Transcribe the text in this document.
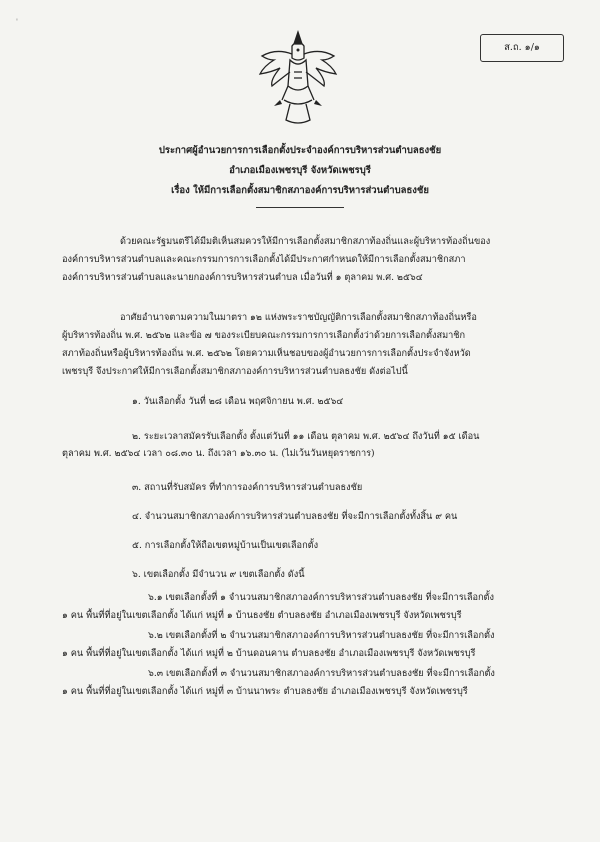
'
ส.ถ. ๑/๑
ประกาศผู้อำนวยการการเลือกตั้งประจำองค์การบริหารส่วนตำบลธงชัย
อำเภอเมืองเพชรบุรี จังหวัดเพชรบุรี
เรื่อง ให้มีการเลือกตั้งสมาชิกสภาองค์การบริหารส่วนตำบลธงชัย

ด้วยคณะรัฐมนตรีได้มีมติเห็นสมควรให้มีการเลือกตั้งสมาชิกสภาท้องถิ่นและผู้บริหารท้องถิ่นของ

องค์การบริหารส่วนตำบลและคณะกรรมการการเลือกตั้งได้มีประกาศกำหนดให้มีการเลือกตั้งสมาชิกสภา

องค์การบริหารส่วนตำบลและนายกองค์การบริหารส่วนตำบล เมื่อวันที่ ๑ ตุลาคม พ.ศ. ๒๕๖๔

อาศัยอำนาจตามความในมาตรา ๑๒ แห่งพระราชบัญญัติการเลือกตั้งสมาชิกสภาท้องถิ่นหรือ

ผู้บริหารท้องถิ่น พ.ศ. ๒๕๖๒ และข้อ ๗ ของระเบียบคณะกรรมการการเลือกตั้งว่าด้วยการเลือกตั้งสมาชิก

สภาท้องถิ่นหรือผู้บริหารท้องถิ่น พ.ศ. ๒๕๖๒ โดยความเห็นชอบของผู้อำนวยการการเลือกตั้งประจำจังหวัด

เพชรบุรี จึงประกาศให้มีการเลือกตั้งสมาชิกสภาองค์การบริหารส่วนตำบลธงชัย ดังต่อไปนี้

๑. วันเลือกตั้ง วันที่ ๒๘ เดือน พฤศจิกายน พ.ศ. ๒๕๖๔
๒. ระยะเวลาสมัครรับเลือกตั้ง ตั้งแต่วันที่ ๑๑ เดือน ตุลาคม พ.ศ. ๒๕๖๔ ถึงวันที่ ๑๕ เดือน

ตุลาคม พ.ศ. ๒๕๖๔ เวลา ๐๘.๓๐ น. ถึงเวลา ๑๖.๓๐ น. (ไม่เว้นวันหยุดราชการ)

๓. สถานที่รับสมัคร ที่ทำการองค์การบริหารส่วนตำบลธงชัย
๔. จำนวนสมาชิกสภาองค์การบริหารส่วนตำบลธงชัย ที่จะมีการเลือกตั้งทั้งสิ้น ๙ คน
๕. การเลือกตั้งให้ถือเขตหมู่บ้านเป็นเขตเลือกตั้ง
๖. เขตเลือกตั้ง มีจำนวน ๙ เขตเลือกตั้ง ดังนี้

๖.๑ เขตเลือกตั้งที่ ๑ จำนวนสมาชิกสภาองค์การบริหารส่วนตำบลธงชัย ที่จะมีการเลือกตั้ง

๑ คน พื้นที่ที่อยู่ในเขตเลือกตั้ง ได้แก่ หมู่ที่ ๑ บ้านธงชัย ตำบลธงชัย อำเภอเมืองเพชรบุรี จังหวัดเพชรบุรี

๖.๒ เขตเลือกตั้งที่ ๒ จำนวนสมาชิกสภาองค์การบริหารส่วนตำบลธงชัย ที่จะมีการเลือกตั้ง

๑ คน พื้นที่ที่อยู่ในเขตเลือกตั้ง ได้แก่ หมู่ที่ ๒ บ้านดอนคาน ตำบลธงชัย อำเภอเมืองเพชรบุรี จังหวัดเพชรบุรี

๖.๓ เขตเลือกตั้งที่ ๓ จำนวนสมาชิกสภาองค์การบริหารส่วนตำบลธงชัย ที่จะมีการเลือกตั้ง

๑ คน พื้นที่ที่อยู่ในเขตเลือกตั้ง ได้แก่ หมู่ที่ ๓ บ้านนาพระ ตำบลธงชัย อำเภอเมืองเพชรบุรี จังหวัดเพชรบุรี
